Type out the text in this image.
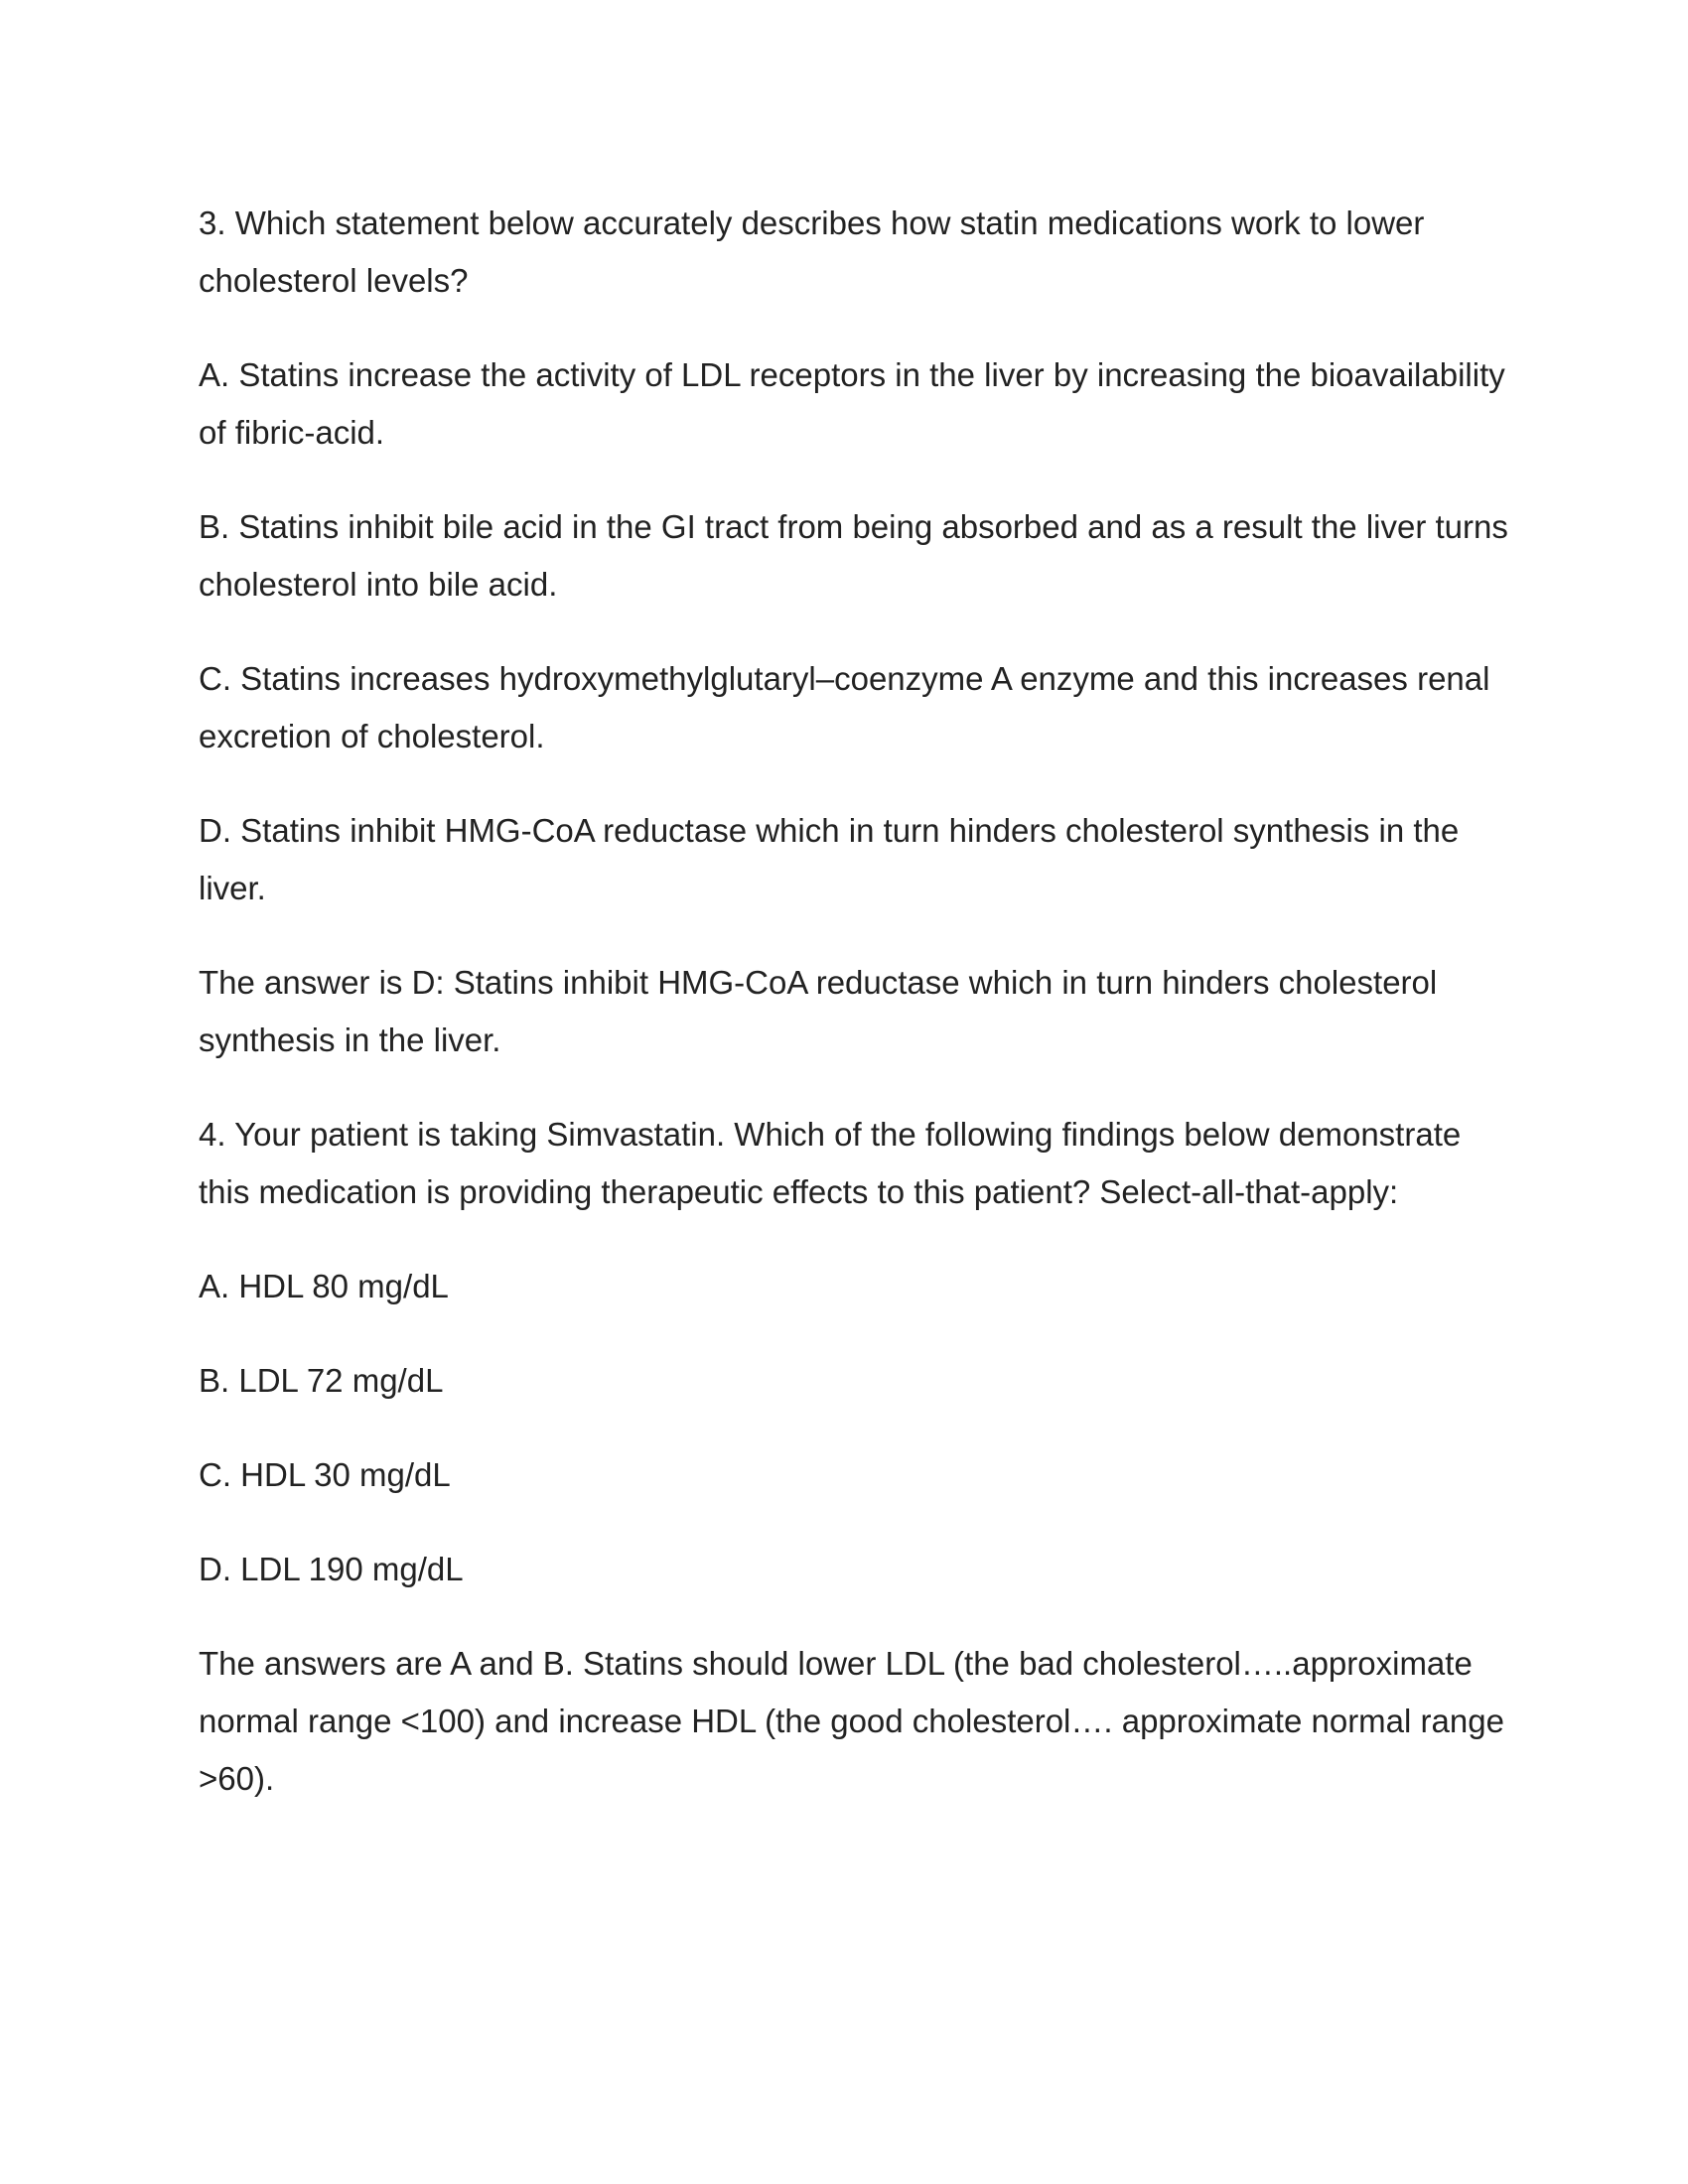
3. Which statement below accurately describes how statin medications work to lower cholesterol levels?

A. Statins increase the activity of LDL receptors in the liver by increasing the bioavailability of fibric-acid.

B. Statins inhibit bile acid in the GI tract from being absorbed and as a result the liver turns cholesterol into bile acid.

C. Statins increases hydroxymethylglutaryl–coenzyme A enzyme and this increases renal excretion of cholesterol.

D. Statins inhibit HMG-CoA reductase which in turn hinders cholesterol synthesis in the liver.

The answer is D: Statins inhibit HMG-CoA reductase which in turn hinders cholesterol synthesis in the liver.

4. Your patient is taking Simvastatin. Which of the following findings below demonstrate this medication is providing therapeutic effects to this patient? Select-all-that-apply:

A. HDL 80 mg/dL

B. LDL 72 mg/dL

C. HDL 30 mg/dL

D. LDL 190 mg/dL

The answers are A and B. Statins should lower LDL (the bad cholesterol…..approximate normal range <100) and increase HDL (the good cholesterol…. approximate normal range >60).
